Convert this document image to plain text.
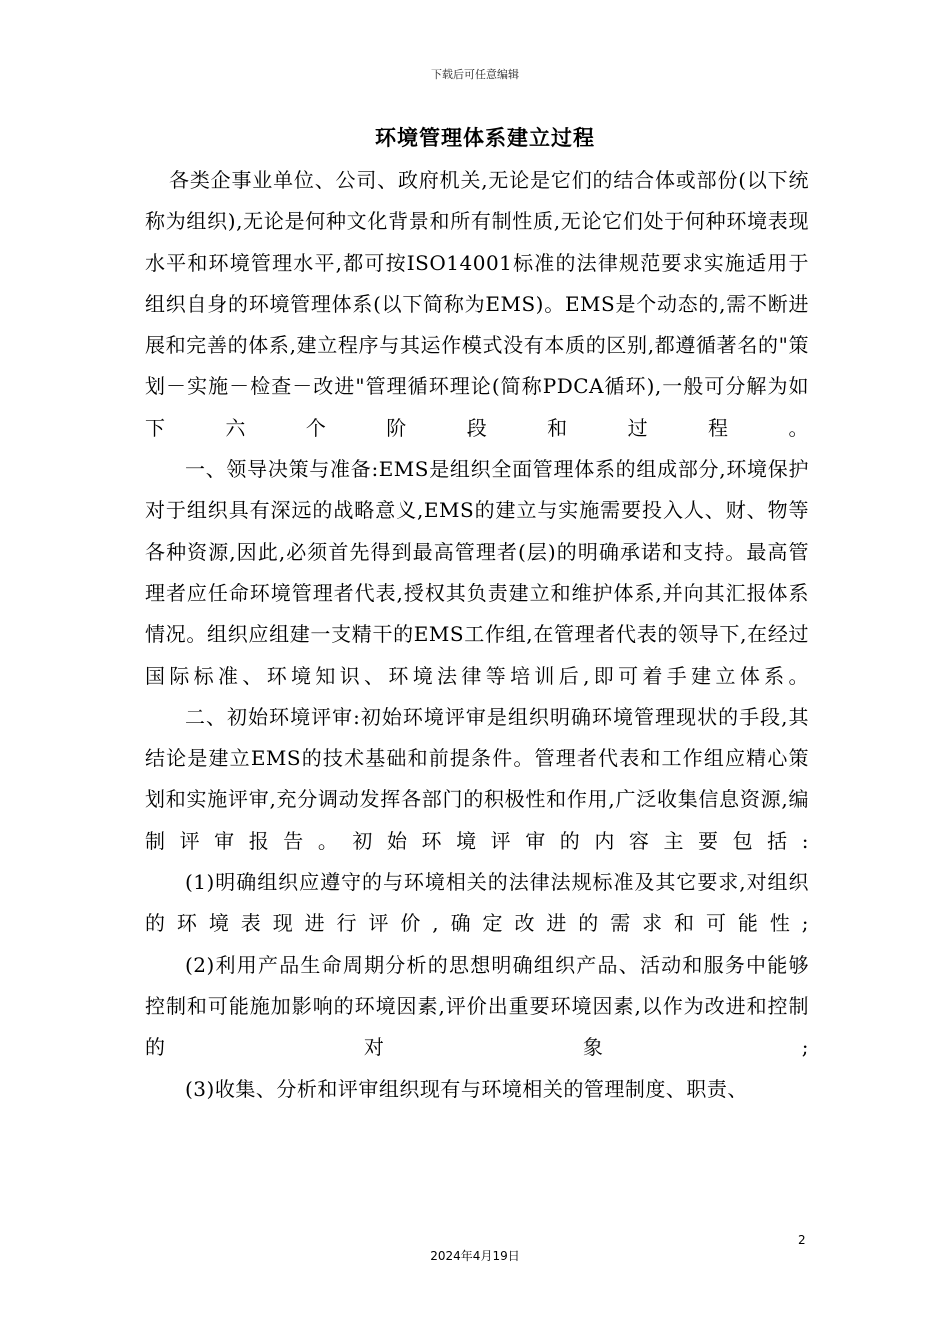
下载后可任意编辑
环境管理体系建立过程

各类企事业单位、公司、政府机关,无论是它们的结合体或部份(以下统称为组织),无论是何种文化背景和所有制性质,无论它们处于何种环境表现水平和环境管理水平,都可按ISO14001标准的法律规范要求实施适用于组织自身的环境管理体系(以下简称为EMS)。EMS是个动态的,需不断进展和完善的体系,建立程序与其运作模式没有本质的区别,都遵循著名的"策划－实施－检查－改进"管理循环理论(简称PDCA循环),一般可分解为如下六个阶段和过程。

一、领导决策与准备:EMS是组织全面管理体系的组成部分,环境保护对于组织具有深远的战略意义,EMS的建立与实施需要投入人、财、物等各种资源,因此,必须首先得到最高管理者(层)的明确承诺和支持。最高管理者应任命环境管理者代表,授权其负责建立和维护体系,并向其汇报体系情况。组织应组建一支精干的EMS工作组,在管理者代表的领导下,在经过国际标准、环境知识、环境法律等培训后,即可着手建立体系。

二、初始环境评审:初始环境评审是组织明确环境管理现状的手段,其结论是建立EMS的技术基础和前提条件。管理者代表和工作组应精心策划和实施评审,充分调动发挥各部门的积极性和作用,广泛收集信息资源,编制评审报告。初始环境评审的内容主要包括:

(1)明确组织应遵守的与环境相关的法律法规标准及其它要求,对组织的环境表现进行评价,确定改进的需求和可能性;

(2)利用产品生命周期分析的思想明确组织产品、活动和服务中能够控制和可能施加影响的环境因素,评价出重要环境因素,以作为改进和控制的对象;

(3)收集、分析和评审组织现有与环境相关的管理制度、职责、

2
2024年4月19日
